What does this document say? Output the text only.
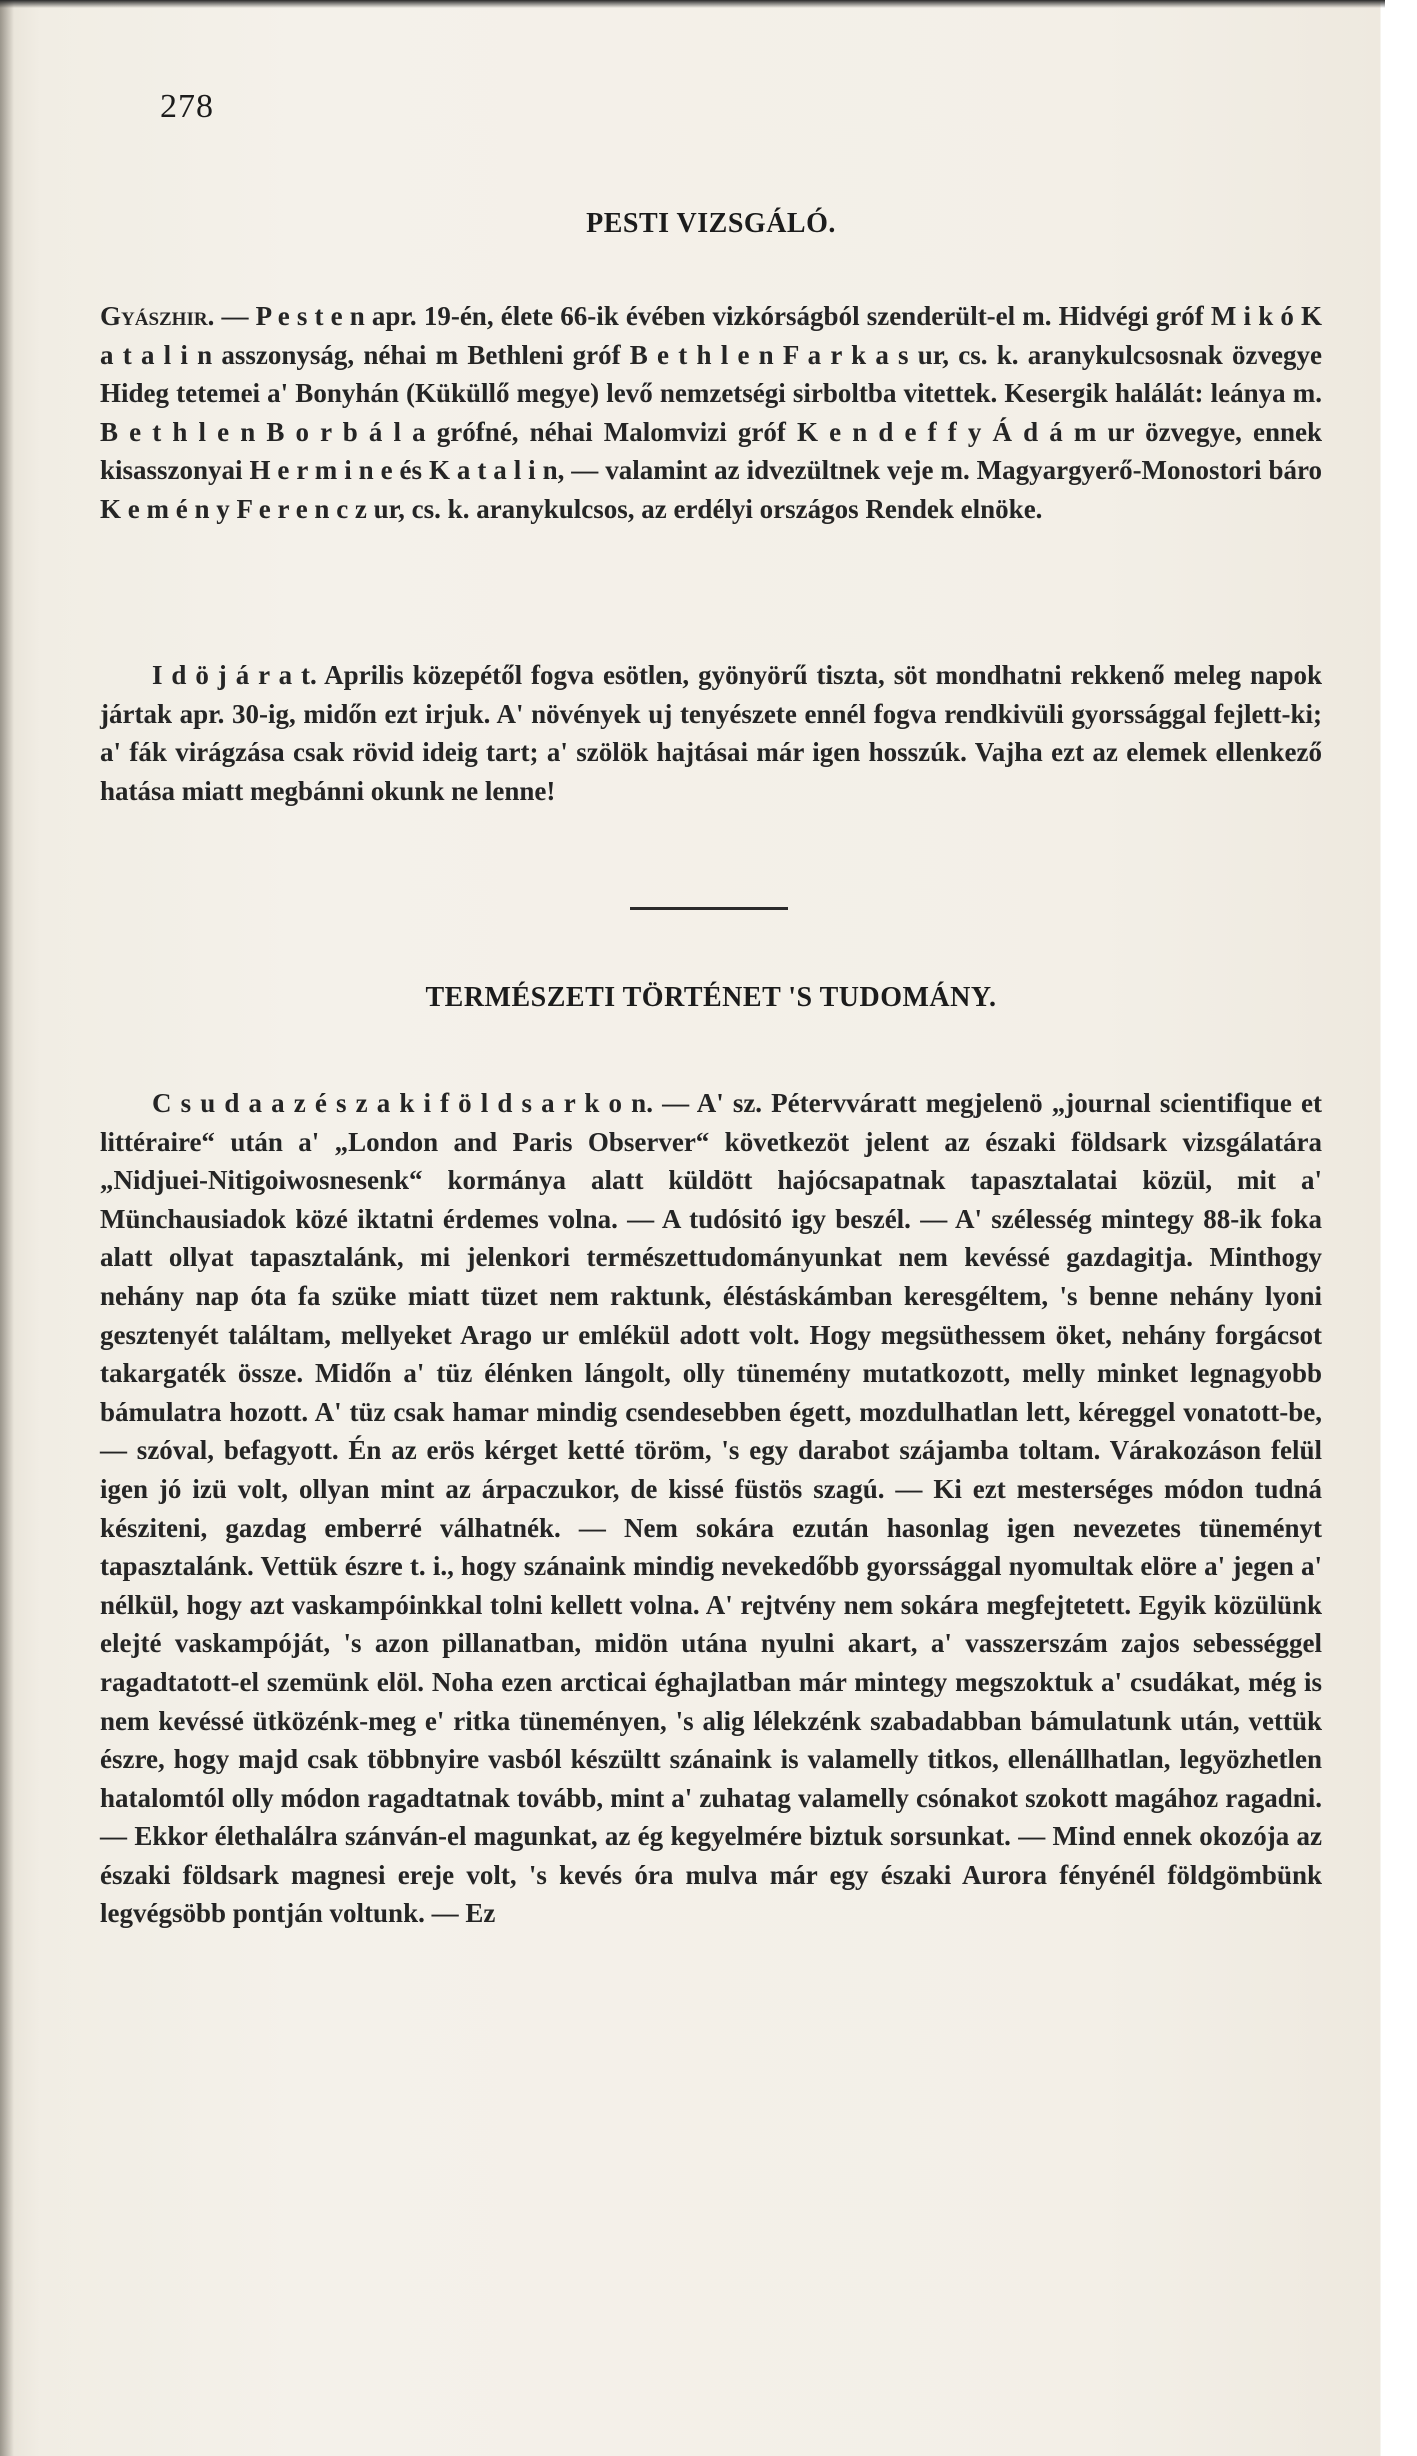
278
PESTI VIZSGÁLÓ.

Gyászhir. — P e s t e n apr. 19-én, élete 66-ik évében vizkórságból szenderült-el m. Hidvégi gróf M i k ó K a t a l i n asszonyság, néhai m Bethleni gróf B e t h l e n F a r k a s ur, cs. k. aranykulcsosnak özvegye Hideg tetemei a' Bonyhán (Küküllő megye) levő nemzetségi sirboltba vitettek. Kesergik halálát: leánya m. B e t h l e n B o r b á l a grófné, néhai Malomvizi gróf K e n d e f f y Á d á m ur özvegye, ennek kisasszonyai H e r m i n e és K a t a l i n, — valamint az idvezültnek veje m. Magyargyerő-Monostori báro K e m é n y F e r e n c z ur, cs. k. aranykulcsos, az erdélyi országos Rendek elnöke.

I d ö j á r a t. Aprilis közepétől fogva esötlen, gyönyörű tiszta, söt mondhatni rekkenő meleg napok jártak apr. 30-ig, midőn ezt irjuk. A' növények uj tenyészete ennél fogva rendkivüli gyorssággal fejlett-ki; a' fák virágzása csak rövid ideig tart; a' szölök hajtásai már igen hosszúk. Vajha ezt az elemek ellenkező hatása miatt megbánni okunk ne lenne!

TERMÉSZETI TÖRTÉNET 'S TUDOMÁNY.

C s u d a a z é s z a k i f ö l d s a r k o n. — A' sz. Pétervváratt megjelenö „journal scientifique et littéraire“ után a' „London and Paris Observer“ következöt jelent az északi földsark vizsgálatára „Nidjuei-Nitigoiwosnesenk“ kormánya alatt küldött hajócsapatnak tapasztalatai közül, mit a' Münchausiadok közé iktatni érdemes volna. — A tudósitó igy beszél. — A' szélesség mintegy 88-ik foka alatt ollyat tapasztalánk, mi jelenkori természettudományunkat nem kevéssé gazdagitja. Minthogy nehány nap óta fa szüke miatt tüzet nem raktunk, éléstáskámban keresgéltem, 's benne nehány lyoni gesztenyét találtam, mellyeket Arago ur emlékül adott volt. Hogy megsüthessem öket, nehány forgácsot takargaték össze. Midőn a' tüz élénken lángolt, olly tünemény mutatkozott, melly minket legnagyobb bámulatra hozott. A' tüz csak hamar mindig csendesebben égett, mozdulhatlan lett, kéreggel vonatott-be, — szóval, befagyott. Én az erös kérget ketté töröm, 's egy darabot szájamba toltam. Várakozáson felül igen jó izü volt, ollyan mint az árpaczukor, de kissé füstös szagú. — Ki ezt mesterséges módon tudná késziteni, gazdag emberré válhatnék. — Nem sokára ezután hasonlag igen nevezetes tüneményt tapasztalánk. Vettük észre t. i., hogy szánaink mindig nevekedőbb gyorssággal nyomultak elöre a' jegen a' nélkül, hogy azt vaskampóinkkal tolni kellett volna. A' rejtvény nem sokára megfejtetett. Egyik közülünk elejté vaskampóját, 's azon pillanatban, midön utána nyulni akart, a' vasszerszám zajos sebességgel ragadtatott-el szemünk elöl. Noha ezen arcticai éghajlatban már mintegy megszoktuk a' csudákat, még is nem kevéssé ütközénk-meg e' ritka tüneményen, 's alig lélekzénk szabadabban bámulatunk után, vettük észre, hogy majd csak többnyire vasból készültt szánaink is valamelly titkos, ellenállhatlan, legyözhetlen hatalomtól olly módon ragadtatnak tovább, mint a' zuhatag valamelly csónakot szokott magához ragadni. — Ekkor élethalálra szánván-el magunkat, az ég kegyelmére biztuk sorsunkat. — Mind ennek okozója az északi földsark magnesi ereje volt, 's kevés óra mulva már egy északi Aurora fényénél földgömbünk legvégsöbb pontján voltunk. — Ez
